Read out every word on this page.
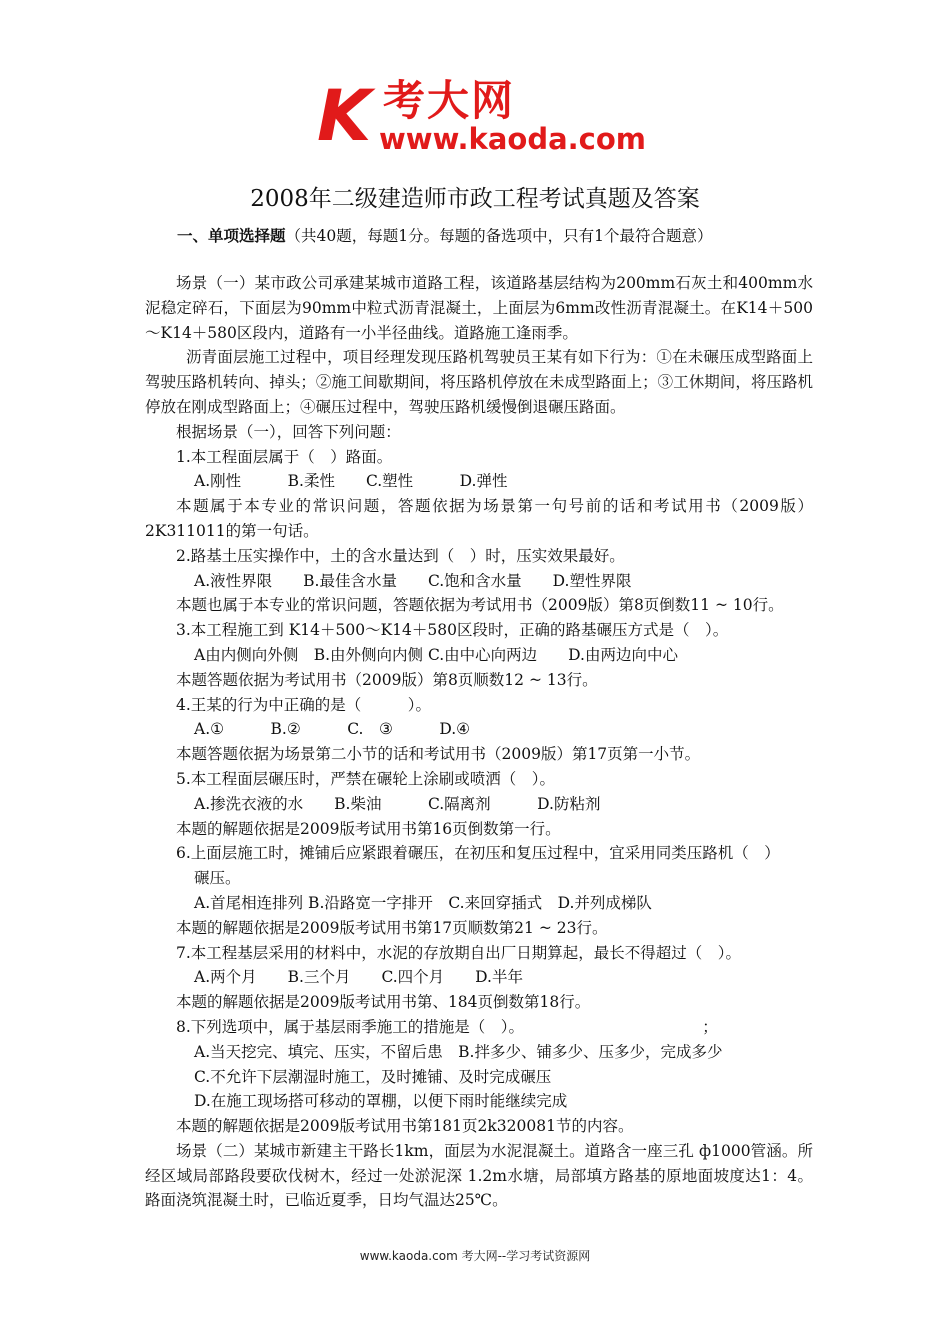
K 考大网
www.kaoda.com
2008年二级建造师市政工程考试真题及答案
一、单项选择题（共40题，每题1分。每题的备选项中，只有1个最符合题意）

场景（一）某市政公司承建某城市道路工程，该道路基层结构为200mm石灰土和400mm水泥稳定碎石，下面层为90mm中粒式沥青混凝土，上面层为6mm改性沥青混凝土。在K14＋500～K14＋580区段内，道路有一小半径曲线。道路施工逢雨季。

沥青面层施工过程中，项目经理发现压路机驾驶员王某有如下行为：①在未碾压成型路面上驾驶压路机转向、掉头；②施工间歇期间，将压路机停放在未成型路面上；③工休期间，将压路机停放在刚成型路面上；④碾压过程中，驾驶压路机缓慢倒退碾压路面。

根据场景（一），回答下列问题：

1.本工程面层属于（　）路面。

A.刚性　　　B.柔性　　C.塑性　　　D.弹性

本题属于本专业的常识问题，答题依据为场景第一句号前的话和考试用书（2009版）2K311011的第一句话。

2.路基土压实操作中，土的含水量达到（　）时，压实效果最好。

A.液性界限　　B.最佳含水量　　C.饱和含水量　　D.塑性界限

本题也属于本专业的常识问题，答题依据为考试用书（2009版）第8页倒数11 ~ 10行。

3.本工程施工到 K14＋500～K14＋580区段时，正确的路基碾压方式是（　）。

A由内侧向外侧　B.由外侧向内侧 C.由中心向两边　　D.由两边向中心

本题答题依据为考试用书（2009版）第8页顺数12 ~ 13行。

4.王某的行为中正确的是（　　　）。

A.①　　　B.②　　　C.　③　　　D.④

本题答题依据为场景第二小节的话和考试用书（2009版）第17页第一小节。

5.本工程面层碾压时，严禁在碾轮上涂刷或喷洒（　）。

A.掺洗衣液的水　　B.柴油　　　C.隔离剂　　　D.防粘剂

本题的解题依据是2009版考试用书第16页倒数第一行。

6.上面层施工时，摊铺后应紧跟着碾压，在初压和复压过程中，宜采用同类压路机（　）

碾压。

A.首尾相连排列 B.沿路宽一字排开　C.来回穿插式　D.并列成梯队

本题的解题依据是2009版考试用书第17页顺数第21 ~ 23行。

7.本工程基层采用的材料中，水泥的存放期自出厂日期算起，最长不得超过（　）。

A.两个月　　B.三个月　　C.四个月　　D.半年

本题的解题依据是2009版考试用书第、184页倒数第18行。

8.下列选项中，属于基层雨季施工的措施是（　）。　　　　　　　　　　　　；

A.当天挖完、填完、压实，不留后患　B.拌多少、铺多少、压多少，完成多少

C.不允许下层潮湿时施工，及时摊铺、及时完成碾压

D.在施工现场搭可移动的罩棚，以便下雨时能继续完成

本题的解题依据是2009版考试用书第181页2k320081节的内容。

场景（二）某城市新建主干路长1km，面层为水泥混凝土。道路含一座三孔 ф1000管涵。所经区域局部路段要砍伐树木，经过一处淤泥深 1.2m水塘，局部填方路基的原地面坡度达1：4。路面浇筑混凝土时，已临近夏季，日均气温达25℃。

www.kaoda.com 考大网--学习考试资源网
